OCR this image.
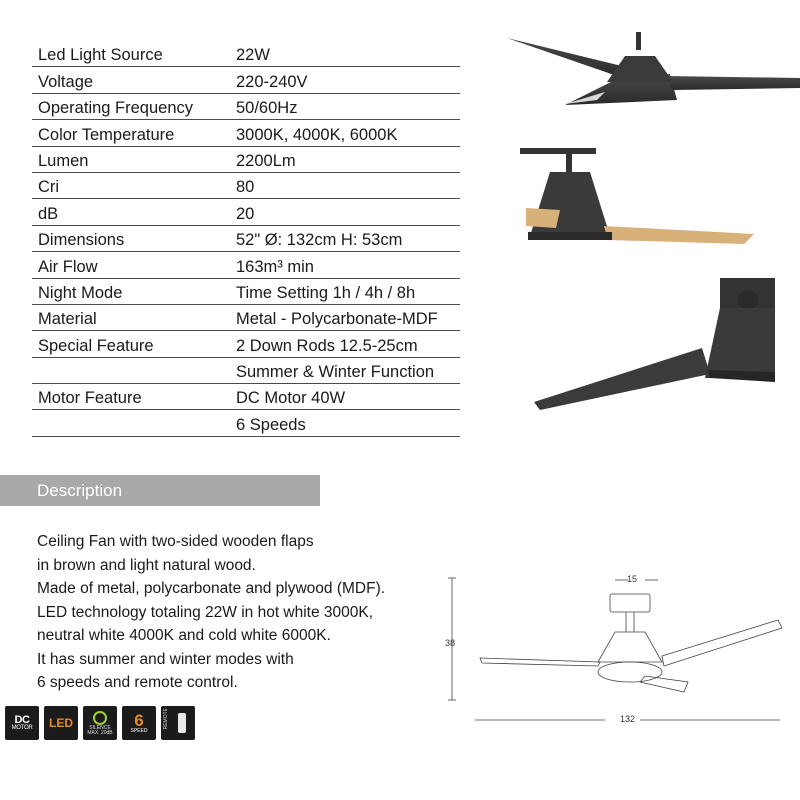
Led Light Source	22W
Voltage	220-240V
Operating Frequency	50/60Hz
Color Temperature	3000K, 4000K, 6000K
Lumen	2200Lm
Cri	80
dB	20
Dimensions	52" Ø: 132cm H: 53cm
Air Flow	163m³ min
Night Mode	Time Setting 1h / 4h / 8h
Material	Metal - Polycarbonate-MDF
Special Feature	2 Down Rods 12.5-25cm
	Summer & Winter Function
Motor Feature	DC Motor 40W
	6 Speeds
Description
Ceiling Fan with two-sided wooden flaps
in brown and light natural wood.
Made of metal, polycarbonate and plywood (MDF).
LED technology totaling 22W in hot white 3000K,
neutral white 4000K and cold white 6000K.
It has summer and winter modes with
6 speeds and remote control.
DC
MOTOR LED	SILENCE
MAX. 20dB
6
SPEED
REMOTE
15
38
132
